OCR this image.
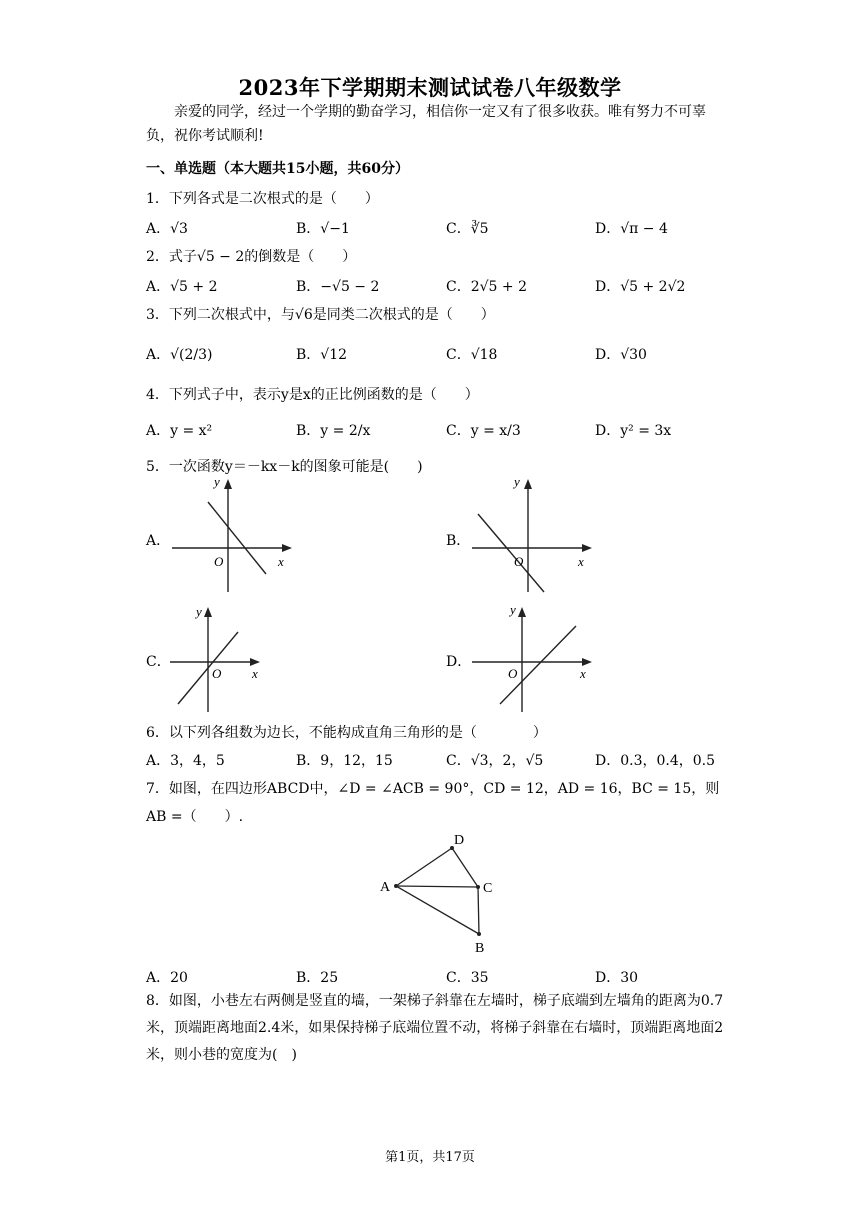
2023年下学期期末测试试卷八年级数学
亲爱的同学，经过一个学期的勤奋学习，相信你一定又有了很多收获。唯有努力不可辜负，祝你考试顺利!
一、单选题（本大题共15小题，共60分）
1．下列各式是二次根式的是（　　）
A．√3	B．√−1	C．∛5	D．√π − 4
2．式子√5 − 2的倒数是（　　）
A．√5 + 2	B．−√5 − 2	C．2√5 + 2	D．√5 + 2√2
3．下列二次根式中，与√6是同类二次根式的是（　　）
A．√(2/3)	B．√12	C．√18	D．√30
4．下列式子中，表示y是x的正比例函数的是（　　）
A．y = x²	B．y = 2/x	C．y = x/3	D．y² = 3x
5．一次函数y＝－kx－k的图象可能是(　　)
A．	B．
C．	D．
y
x
O
y
x
O
y
x
O
y
x
O
6．以下列各组数为边长，不能构成直角三角形的是（　　　　）
A．3，4，5	B．9，12，15	C．√3，2，√5	D．0.3，0.4，0.5
7．如图，在四边形ABCD中，∠D = ∠ACB = 90°，CD = 12，AD = 16，BC = 15，则
AB =（　　）.
A
D
C
B
A．20	B．25	C．35	D．30
8．如图，小巷左右两侧是竖直的墙，一架梯子斜靠在左墙时，梯子底端到左墙角的距离为0.7米，顶端距离地面2.4米，如果保持梯子底端位置不动，将梯子斜靠在右墙时，顶端距离地面2米，则小巷的宽度为(　)
第1页，共17页
